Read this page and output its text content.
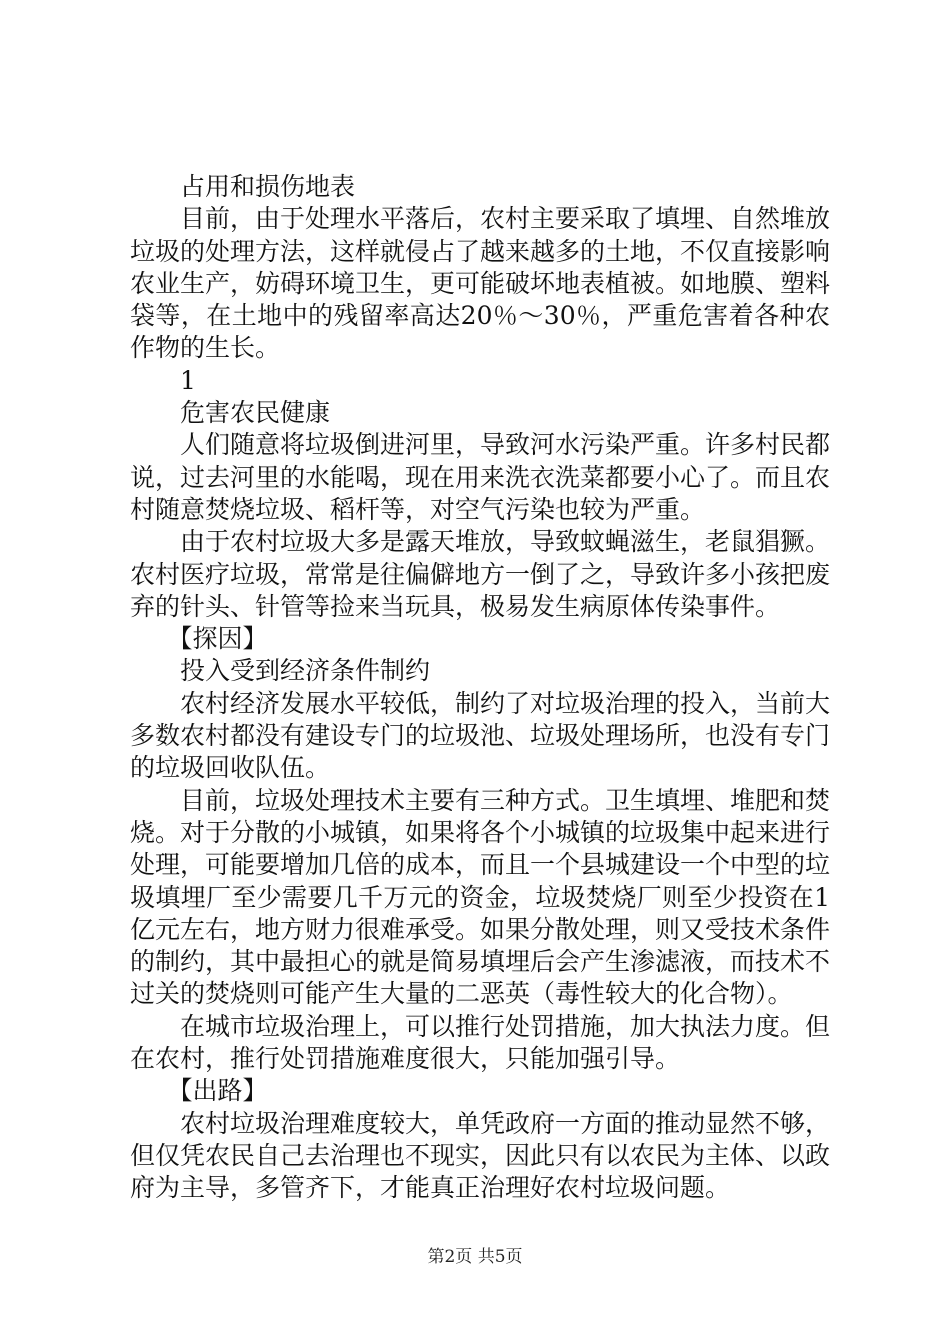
占用和损伤地表

目前，由于处理水平落后，农村主要采取了填埋、自然堆放垃圾的处理方法，这样就侵占了越来越多的土地，不仅直接影响农业生产，妨碍环境卫生，更可能破坏地表植被。如地膜、塑料袋等，在土地中的残留率高达20％～30％，严重危害着各种农作物的生长。

1

危害农民健康

人们随意将垃圾倒进河里，导致河水污染严重。许多村民都说，过去河里的水能喝，现在用来洗衣洗菜都要小心了。而且农村随意焚烧垃圾、稻杆等，对空气污染也较为严重。

由于农村垃圾大多是露天堆放，导致蚊蝇滋生，老鼠猖獗。农村医疗垃圾，常常是往偏僻地方一倒了之，导致许多小孩把废弃的针头、针管等捡来当玩具，极易发生病原体传染事件。

【探因】

投入受到经济条件制约

农村经济发展水平较低，制约了对垃圾治理的投入，当前大多数农村都没有建设专门的垃圾池、垃圾处理场所，也没有专门的垃圾回收队伍。

目前，垃圾处理技术主要有三种方式。卫生填埋、堆肥和焚烧。对于分散的小城镇，如果将各个小城镇的垃圾集中起来进行处理，可能要增加几倍的成本，而且一个县城建设一个中型的垃圾填埋厂至少需要几千万元的资金，垃圾焚烧厂则至少投资在1亿元左右，地方财力很难承受。如果分散处理，则又受技术条件的制约，其中最担心的就是简易填埋后会产生渗滤液，而技术不过关的焚烧则可能产生大量的二恶英（毒性较大的化合物）。

在城市垃圾治理上，可以推行处罚措施，加大执法力度。但在农村，推行处罚措施难度很大，只能加强引导。

【出路】

农村垃圾治理难度较大，单凭政府一方面的推动显然不够，但仅凭农民自己去治理也不现实，因此只有以农民为主体、以政府为主导，多管齐下，才能真正治理好农村垃圾问题。

第2页 共5页
